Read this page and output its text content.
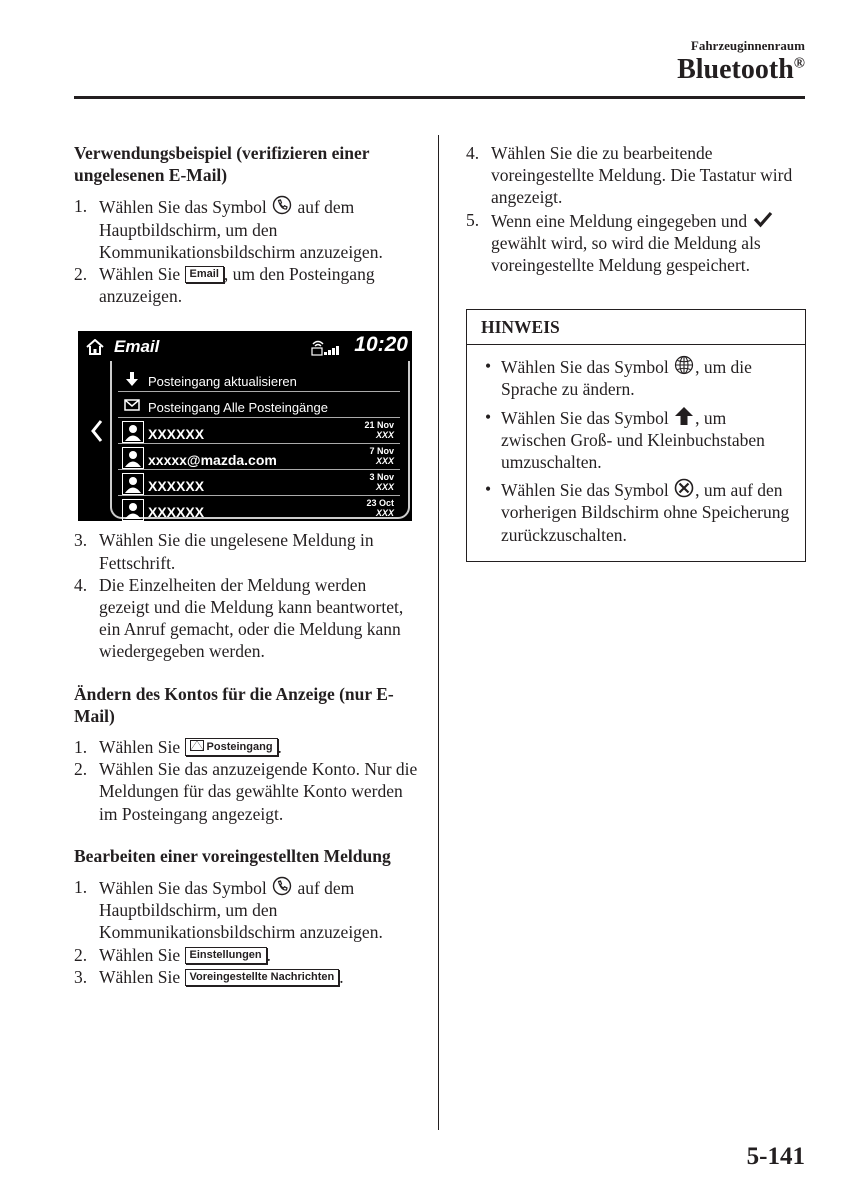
Fahrzeuginnenraum
Bluetooth®
Verwendungsbeispiel (verifizieren einer ungelesenen E-Mail)
1. Wählen Sie das Symbol auf dem Hauptbildschirm, um den Kommunikationsbildschirm anzuzeigen.
2. Wählen Sie Email , um den Posteingang anzuzeigen.
Email	10:20
Posteingang aktualisieren
Posteingang Alle Posteingänge
XXXXXX
21 Nov
XXX
xxxxx@mazda.com
7 Nov
XXX
XXXXXX
3 Nov
XXX
XXXXXX
23 Oct
XXX
3. Wählen Sie die ungelesene Meldung in Fettschrift.
4. Die Einzelheiten der Meldung werden gezeigt und die Meldung kann beantwortet, ein Anruf gemacht, oder die Meldung kann wiedergegeben werden.
Ändern des Kontos für die Anzeige (nur E-Mail)
1. Wählen Sie Posteingang .
2. Wählen Sie das anzuzeigende Konto. Nur die Meldungen für das gewählte Konto werden im Posteingang angezeigt.
Bearbeiten einer voreingestellten Meldung
1. Wählen Sie das Symbol auf dem Hauptbildschirm, um den Kommunikationsbildschirm anzuzeigen.
2. Wählen Sie Einstellungen .
3. Wählen Sie Voreingestellte Nachrichten .
4. Wählen Sie die zu bearbeitende voreingestellte Meldung. Die Tastatur wird angezeigt.
5. Wenn eine Meldung eingegeben und
gewählt wird, so wird die Meldung als voreingestellte Meldung gespeichert.
HINWEIS
• Wählen Sie das Symbol , um die Sprache zu ändern.
• Wählen Sie das Symbol , um zwischen Groß- und Kleinbuchstaben umzuschalten.
• Wählen Sie das Symbol , um auf den vorherigen Bildschirm ohne Speicherung zurückzuschalten.
5-141
